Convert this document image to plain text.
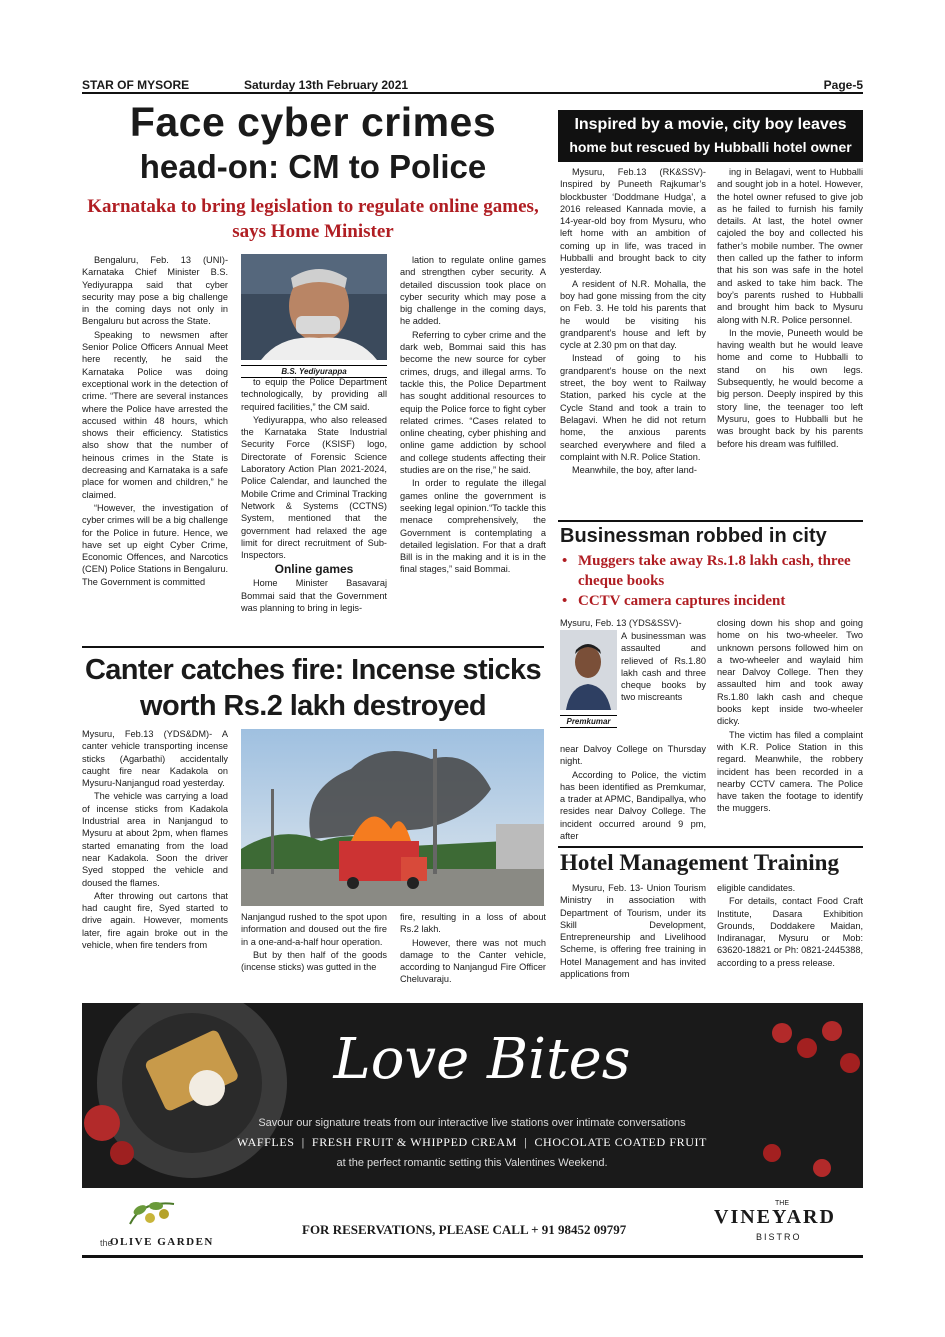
STAR OF MYSORE	Saturday 13th February 2021	Page-5
Face cyber crimes
head-on: CM to Police
Karnataka to bring legislation to regulate online games, says Home Minister

Bengaluru, Feb. 13 (UNI)- Karnataka Chief Minister B.S. Yediyurappa said that cyber security may pose a big challenge in the coming days not only in Bengaluru but across the State.

Speaking to newsmen after Senior Police Officers Annual Meet here recently, he said the Karnataka Police was doing exceptional work in the detection of crime. “There are several instances where the Police have arrested the accused within 48 hours, which shows their efficiency. Statistics also show that the number of heinous crimes in the State is decreasing and Karnataka is a safe place for women and children,” he claimed.

“However, the investigation of cyber crimes will be a big challenge for the Police in future. Hence, we have set up eight Cyber Crime, Economic Offences, and Narcotics (CEN) Police Stations in Bengaluru. The Government is committed

B.S. Yediyurappa

to equip the Police Department technologically, by providing all required facilities,” the CM said.

Yediyurappa, who also released the Karnataka State Industrial Security Force (KSISF) logo, Directorate of Forensic Science Laboratory Action Plan 2021-2024, Police Calendar, and launched the Mobile Crime and Criminal Tracking Network & Systems (CCTNS) System, mentioned that the government had relaxed the age limit for direct recruitment of Sub-Inspectors.

Online games

Home Minister Basavaraj Bommai said that the Government was planning to bring in legis-

lation to regulate online games and strengthen cyber security. A detailed discussion took place on cyber security which may pose a big challenge in the coming days, he added.

Referring to cyber crime and the dark web, Bommai said this has become the new source for cyber crimes, drugs, and illegal arms. To tackle this, the Police Department has sought additional resources to equip the Police force to fight cyber related crimes. “Cases related to online cheating, cyber phishing and online game addiction by school and college students affecting their studies are on the rise,” he said.

In order to regulate the illegal games online the government is seeking legal opinion.“To tackle this menace comprehensively, the Government is contemplating a detailed legislation. For that a draft Bill is in the making and it is in the final stages,” said Bommai.

Inspired by a movie, city boy leaves
home but rescued by Hubballi hotel owner

Mysuru, Feb.13 (RK&SSV)- Inspired by Puneeth Rajkumar’s blockbuster ‘Doddmane Hudga’, a 2016 released Kannada movie, a 14-year-old boy from Mysuru, who left home with an ambition of coming up in life, was traced in Hubballi and brought back to city yesterday.

A resident of N.R. Mohalla, the boy had gone missing from the city on Feb. 3. He told his parents that he would be visiting his grandparent’s house and left by cycle at 2.30 pm on that day.

Instead of going to his grandparent’s house on the next street, the boy went to Railway Station, parked his cycle at the Cycle Stand and took a train to Belagavi. When he did not return home, the anxious parents searched everywhere and filed a complaint with N.R. Police Station.

Meanwhile, the boy, after land-

ing in Belagavi, went to Hubballi and sought job in a hotel. However, the hotel owner refused to give job as he failed to furnish his family details. At last, the hotel owner cajoled the boy and collected his father’s mobile number. The owner then called up the father to inform that his son was safe in the hotel and asked to take him back. The boy’s parents rushed to Hubballi and brought him back to Mysuru along with N.R. Police personnel.

In the movie, Puneeth would be having wealth but he would leave home and come to Hubballi to stand on his own legs. Subsequently, he would become a big person. Deeply inspired by this story line, the teenager too left Mysuru, goes to Hubballi but he was brought back by his parents before his dream was fulfilled.

Businessman robbed in city
• Muggers take away Rs.1.8 lakh cash, three cheque books
• CCTV camera captures incident
Mysuru, Feb. 13 (YDS&SSV)-
Premkumar
A businessman was assaulted and relieved of Rs.1.80 lakh cash and three cheque books by two miscreants

near Dalvoy College on Thursday night.

According to Police, the victim has been identified as Premkumar, a trader at APMC, Bandipallya, who resides near Dalvoy College. The incident occurred around 9 pm, after

closing down his shop and going home on his two-wheeler. Two unknown persons followed him on a two-wheeler and waylaid him near Dalvoy College. Then they assaulted him and took away Rs.1.80 lakh cash and cheque books kept inside two-wheeler dicky.

The victim has filed a complaint with K.R. Police Station in this regard. Meanwhile, the robbery incident has been recorded in a nearby CCTV camera. The Police have taken the footage to identify the muggers.

Hotel Management Training

Mysuru, Feb. 13- Union Tourism Ministry in association with Department of Tourism, under its Skill Development, Entrepreneurship and Livelihood Scheme, is offering free training in Hotel Management and has invited applications from

eligible candidates.

For details, contact Food Craft Institute, Dasara Exhibition Grounds, Doddakere Maidan, Indiranagar, Mysuru or Mob: 63620-18821 or Ph: 0821-2445388, according to a press release.

Canter catches fire: Incense sticks
worth Rs.2 lakh destroyed

Mysuru, Feb.13 (YDS&DM)- A canter vehicle transporting incense sticks (Agarbathi) accidentally caught fire near Kadakola on Mysuru-Nanjangud road yesterday.

The vehicle was carrying a load of incense sticks from Kadakola Industrial area in Nanjangud to Mysuru at about 2pm, when flames started emanating from the load near Kadakola. Soon the driver Syed stopped the vehicle and doused the flames.

After throwing out cartons that had caught fire, Syed started to drive again. However, moments later, fire again broke out in the vehicle, when fire tenders from

Nanjangud rushed to the spot upon information and doused out the fire in a one-and-a-half hour operation.

But by then half of the goods (incense sticks) was gutted in the

fire, resulting in a loss of about Rs.2 lakh.

However, there was not much damage to the Canter vehicle, according to Nanjangud Fire Officer Cheluvaraju.

Love Bites
Savour our signature treats from our interactive live stations over intimate conversations
WAFFLES  |  FRESH FRUIT & WHIPPED CREAM  |  CHOCOLATE COATED FRUIT
at the perfect romantic setting this Valentines Weekend.
the
OLIVE GARDEN
FOR RESERVATIONS, PLEASE CALL + 91 98452 09797
THE
VINEYARD
BISTRO
